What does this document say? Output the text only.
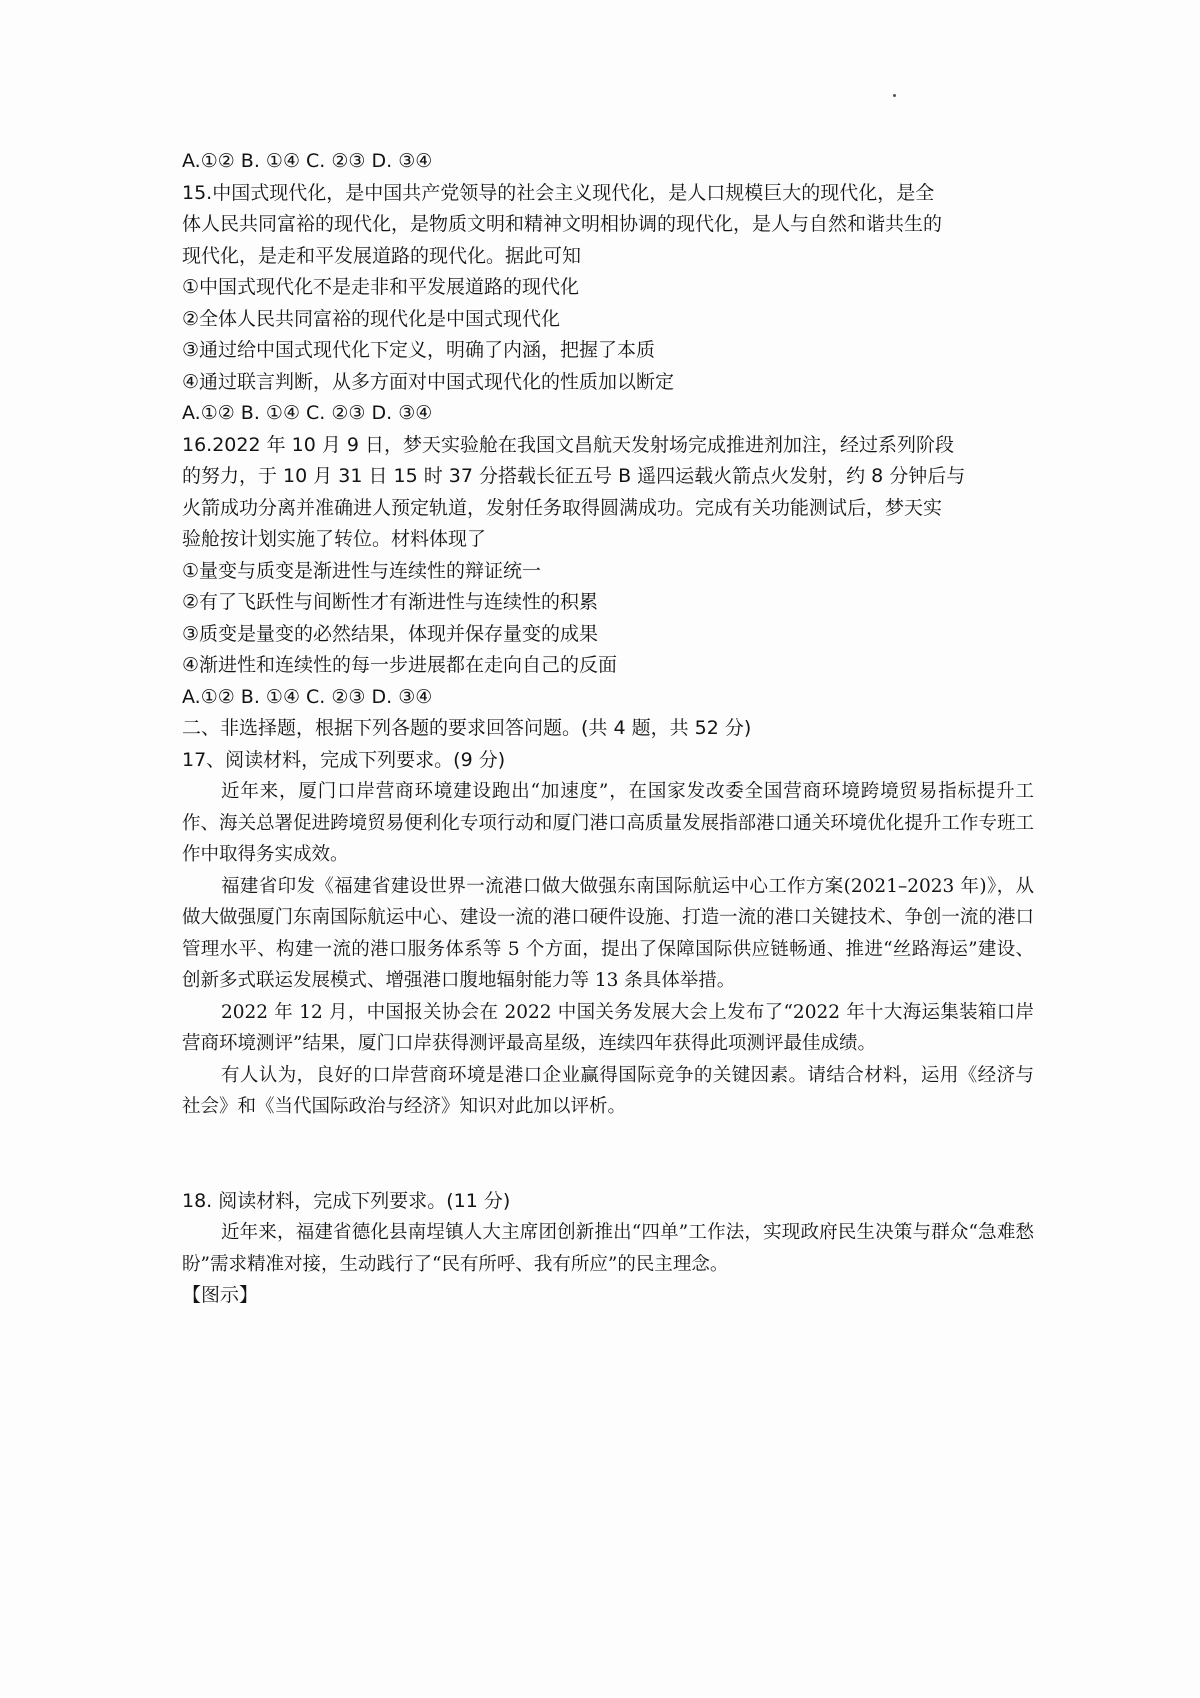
A.①② B. ①④ C. ②③ D. ③④

15.中国式现代化，是中国共产党领导的社会主义现代化，是人口规模巨大的现代化，是全

体人民共同富裕的现代化，是物质文明和精神文明相协调的现代化，是人与自然和谐共生的

现代化，是走和平发展道路的现代化。据此可知

①中国式现代化不是走非和平发展道路的现代化

②全体人民共同富裕的现代化是中国式现代化

③通过给中国式现代化下定义，明确了内涵，把握了本质

④通过联言判断，从多方面对中国式现代化的性质加以断定

A.①② B. ①④ C. ②③ D. ③④

16.2022 年 10 月 9 日，梦天实验舱在我国文昌航天发射场完成推进剂加注，经过系列阶段

的努力，于 10 月 31 日 15 时 37 分搭载长征五号 B 遥四运载火箭点火发射，约 8 分钟后与

火箭成功分离并准确进人预定轨道，发射任务取得圆满成功。完成有关功能测试后，梦天实

验舱按计划实施了转位。材料体现了

①量变与质变是渐进性与连续性的辩证统一

②有了飞跃性与间断性才有渐进性与连续性的积累

③质变是量变的必然结果，体现并保存量变的成果

④渐进性和连续性的每一步进展都在走向自己的反面

A.①② B. ①④ C. ②③ D. ③④

二、非选择题，根据下列各题的要求回答问题。(共 4 题，共 52 分)

17、阅读材料，完成下列要求。(9 分)

近年来，厦门口岸营商环境建设跑出“加速度”，在国家发改委全国营商环境跨境贸易指标提升工作、海关总署促进跨境贸易便利化专项行动和厦门港口高质量发展指部港口通关环境优化提升工作专班工作中取得务实成效。

福建省印发《福建省建设世界一流港口做大做强东南国际航运中心工作方案(2021–2023 年)》，从做大做强厦门东南国际航运中心、建设一流的港口硬件设施、打造一流的港口关键技术、争创一流的港口管理水平、构建一流的港口服务体系等 5 个方面，提出了保障国际供应链畅通、推进“丝路海运”建设、创新多式联运发展模式、增强港口腹地辐射能力等 13 条具体举措。

2022 年 12 月，中国报关协会在 2022 中国关务发展大会上发布了“2022 年十大海运集装箱口岸营商环境测评”结果，厦门口岸获得测评最高星级，连续四年获得此项测评最佳成绩。

有人认为，良好的口岸营商环境是港口企业赢得国际竞争的关键因素。请结合材料，运用《经济与社会》和《当代国际政治与经济》知识对此加以评析。

18. 阅读材料，完成下列要求。(11 分)

近年来，福建省德化县南埕镇人大主席团创新推出“四单”工作法，实现政府民生决策与群众“急难愁盼”需求精准对接，生动践行了“民有所呼、我有所应”的民主理念。

【图示】
